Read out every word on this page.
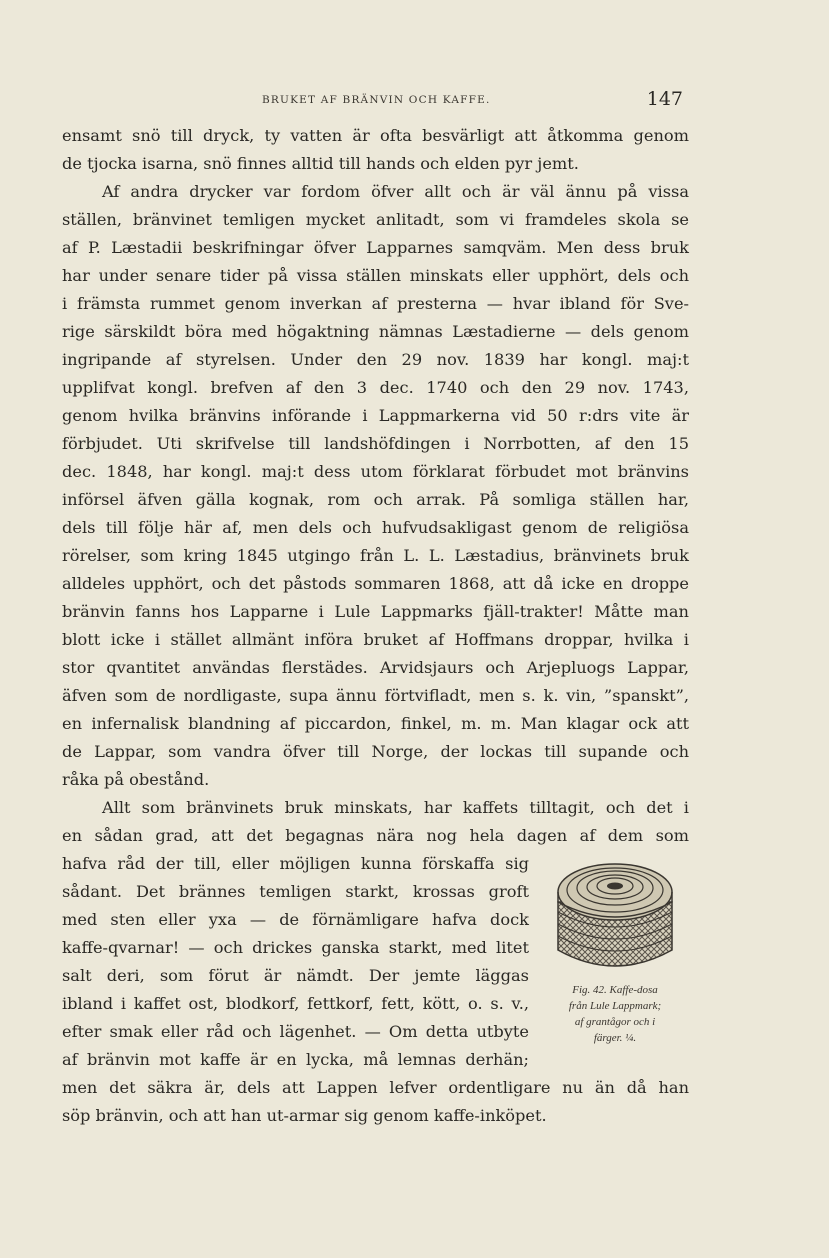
BRUKET AF BRÄNVIN OCH KAFFE.	147

ensamt snö till dryck, ty vatten är ofta besvärligt att åtkomma genom
de tjocka isarna, snö finnes alltid till hands och elden pyr jemt.

Af andra drycker var fordom öfver allt och är väl ännu på vissa
ställen, bränvinet temligen mycket anlitadt, som vi framdeles skola se
af P. Læstadii beskrifningar öfver Lapparnes samqväm. Men dess bruk
har under senare tider på vissa ställen minskats eller upphört, dels och
i främsta rummet genom inverkan af presterna — hvar ibland för Sve-
rige särskildt böra med högaktning nämnas Læstadierne — dels genom
ingripande af styrelsen. Under den 29 nov. 1839 har kongl. maj:t
upplifvat kongl. brefven af den 3 dec. 1740 och den 29 nov. 1743,
genom hvilka bränvins införande i Lappmarkerna vid 50 r:drs vite är
förbjudet. Uti skrifvelse till landshöfdingen i Norrbotten, af den 15
dec. 1848, har kongl. maj:t dess utom förklarat förbudet mot bränvins
införsel äfven gälla kognak, rom och arrak. På somliga ställen har,
dels till följe här af, men dels och hufvudsakligast genom de religiösa
rörelser, som kring 1845 utgingo från L. L. Læstadius, bränvinets bruk
alldeles upphört, och det påstods sommaren 1868, att då icke en droppe
bränvin fanns hos Lapparne i Lule Lappmarks fjäll-trakter! Måtte man
blott icke i stället allmänt införa bruket af Hoffmans droppar, hvilka i
stor qvantitet användas flerstädes. Arvidsjaurs och Arjepluogs Lappar,
äfven som de nordligaste, supa ännu förtvifladt, men s. k. vin, ”spanskt”,
en infernalisk blandning af piccardon, finkel, m. m. Man klagar ock att
de Lappar, som vandra öfver till Norge, der lockas till supande och
råka på obestånd.

Allt som bränvinets bruk minskats, har kaffets tilltagit, och det i
en sådan grad, att det begagnas nära nog hela dagen af dem som
hafva råd der till, eller möjligen kunna förskaffa sig
sådant. Det brännes temligen starkt, krossas groft
med sten eller yxa — de förnämligare hafva dock
kaffe-qvarnar! — och drickes ganska starkt, med litet
salt deri, som förut är nämdt. Der jemte läggas
ibland i kaffet ost, blodkorf, fettkorf, fett, kött, o. s. v.,
efter smak eller råd och lägenhet. — Om detta utbyte
af bränvin mot kaffe är en lycka, må lemnas derhän;
men det säkra är, dels att Lappen lefver ordentligare nu än då han
söp bränvin, och att han ut-armar sig genom kaffe-inköpet.

Fig. 42. Kaffe-dosa
från Lule Lappmark;
af grantågor och i
färger. ¼.
